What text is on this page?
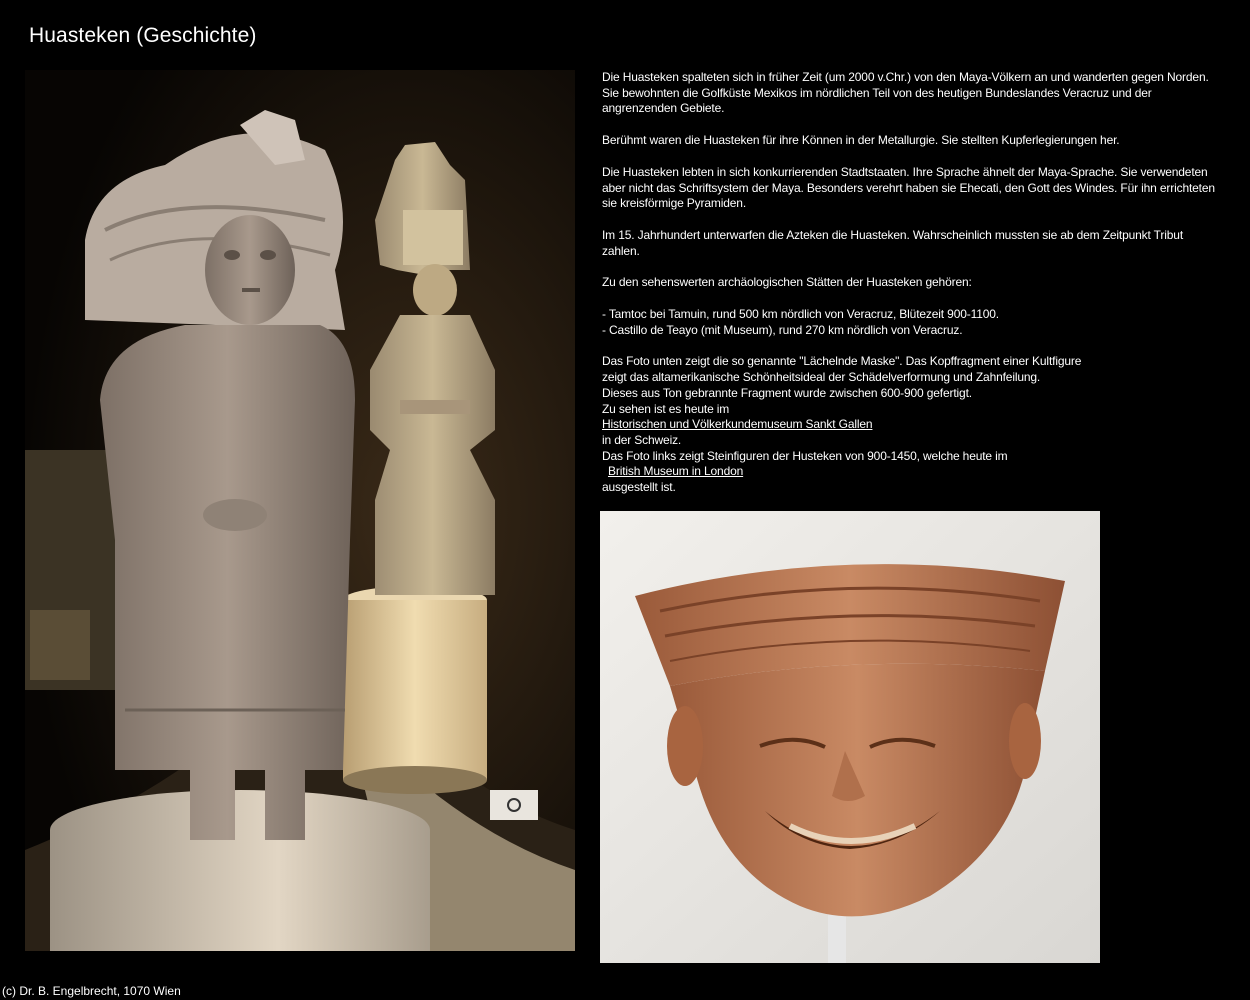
Huasteken (Geschichte)

Die Huasteken spalteten sich in früher Zeit (um 2000 v.Chr.) von den Maya-Völkern an und wanderten gegen Norden. Sie bewohnten die Golfküste Mexikos im nördlichen Teil von des heutigen Bundeslandes Veracruz und der angrenzenden Gebiete.

Berühmt waren die Huasteken für ihre Können in der Metallurgie. Sie stellten Kupferlegierungen her.

Die Huasteken lebten in sich konkurrierenden Stadtstaaten. Ihre Sprache ähnelt der Maya-Sprache. Sie verwendeten aber nicht das Schriftsystem der Maya. Besonders verehrt haben sie Ehecati, den Gott des Windes. Für ihn errichteten sie kreisförmige Pyramiden.

Im 15. Jahrhundert unterwarfen die Azteken die Huasteken. Wahrscheinlich mussten sie ab dem Zeitpunkt Tribut zahlen.

Zu den sehenswerten archäologischen Stätten der Huasteken gehören:

- Tamtoc bei Tamuin, rund 500 km nördlich von Veracruz, Blütezeit 900-1100.
- Castillo de Teayo (mit Museum), rund 270 km nördlich von Veracruz.

Das Foto unten zeigt die so genannte "Lächelnde Maske". Das Kopffragment einer Kultfigure
zeigt das altamerikanische Schönheitsideal der Schädelverformung und Zahnfeilung.
Dieses aus Ton gebrannte Fragment wurde zwischen 600-900 gefertigt.
Zu sehen ist es heute im
Historischen und Völkerkundemuseum Sankt Gallen
in der Schweiz.
Das Foto links zeigt Steinfiguren der Husteken von 900-1450, welche heute im
British Museum in London
ausgestellt ist.

(c) Dr. B. Engelbrecht, 1070 Wien
